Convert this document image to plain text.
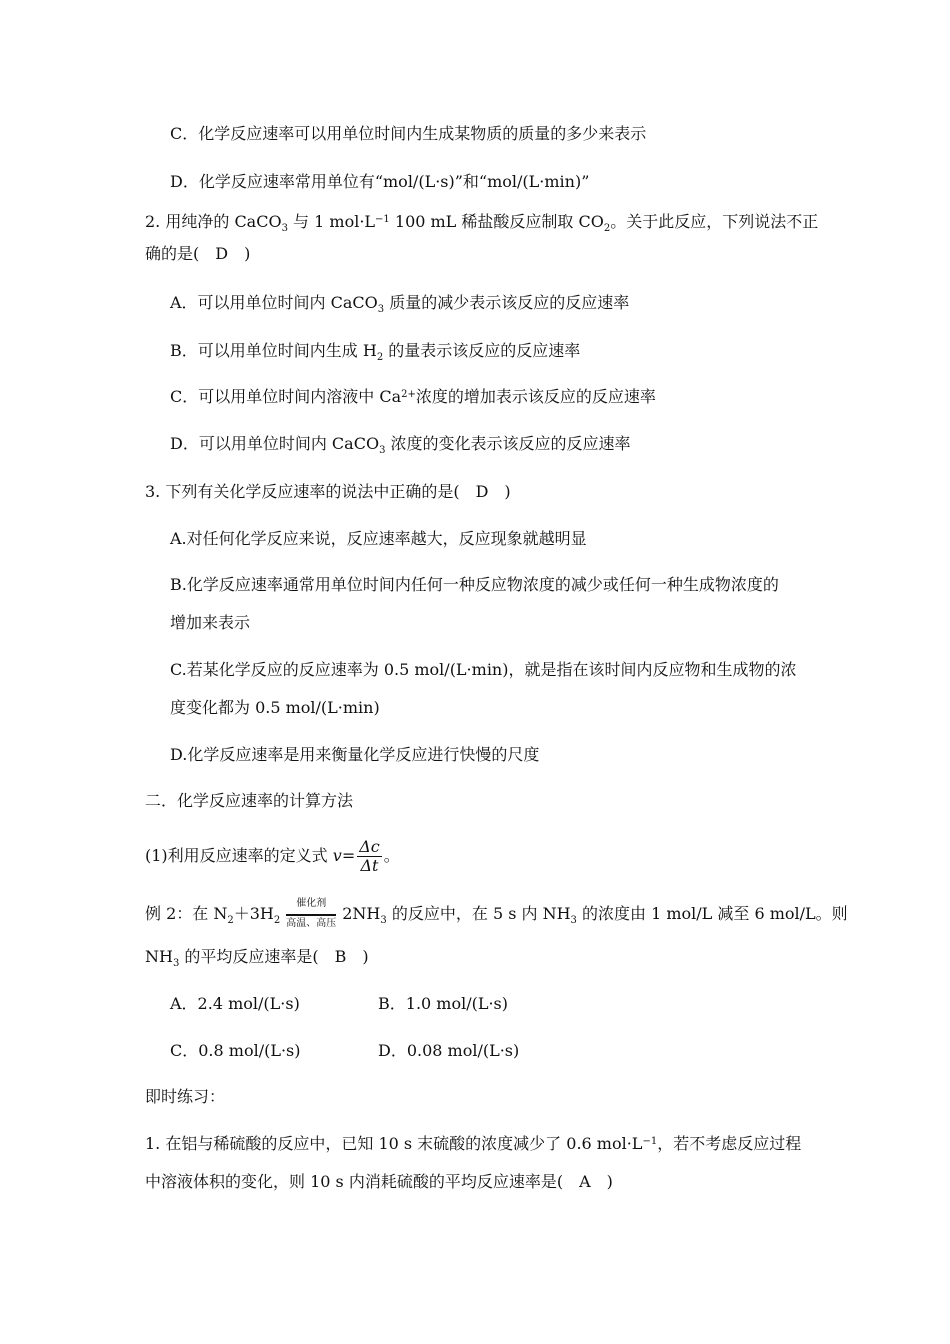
C．化学反应速率可以用单位时间内生成某物质的质量的多少来表示
D．化学反应速率常用单位有“mol/(L·s)”和“mol/(L·min)”
2. 用纯净的 CaCO$_3$ 与 1 $mol\cdot L^{-1}$ 100 mL 稀盐酸反应制取 $CO_2$。关于此反应，下列说法不正
确的是(　D　)
A．可以用单位时间内 CaCO$_3$ 质量的减少表示该反应的反应速率
B．可以用单位时间内生成 $H_2$ 的量表示该反应的反应速率
C．可以用单位时间内溶液中 $Ca^{2+}$浓度的增加表示该反应的反应速率
D．可以用单位时间内 CaCO$_3$ 浓度的变化表示该反应的反应速率
3. 下列有关化学反应速率的说法中正确的是(　D　)
A.对任何化学反应来说，反应速率越大，反应现象就越明显
B.化学反应速率通常用单位时间内任何一种反应物浓度的减少或任何一种生成物浓度的
增加来表示
C.若某化学反应的反应速率为 0.5 mol/(L·min)，就是指在该时间内反应物和生成物的浓
度变化都为 0.5 mol/(L·min)
D.化学反应速率是用来衡量化学反应进行快慢的尺度
二．化学反应速率的计算方法
(1)利用反应速率的定义式 $v= \frac{\Delta c}{\Delta t}$ 。
例 2：在 $N_2+3H_2$
催化剂
高温、高压 $2NH_3$ 的反应中，在 5 s 内 $NH_3$ 的浓度由 1 mol/L 减至 6 mol/L。则
$NH_3$ 的平均反应速率是(　B　)
A．2.4 mol/(L·s)	B．1.0 mol/(L·s)
C．0.8 mol/(L·s)	D．0.08 mol/(L·s)
即时练习：
1. 在铝与稀硫酸的反应中，已知 10 s 末硫酸的浓度减少了 0.6 $mol\cdot L^{-1}$，若不考虑反应过程
中溶液体积的变化，则 10 s 内消耗硫酸的平均反应速率是(　A　)
